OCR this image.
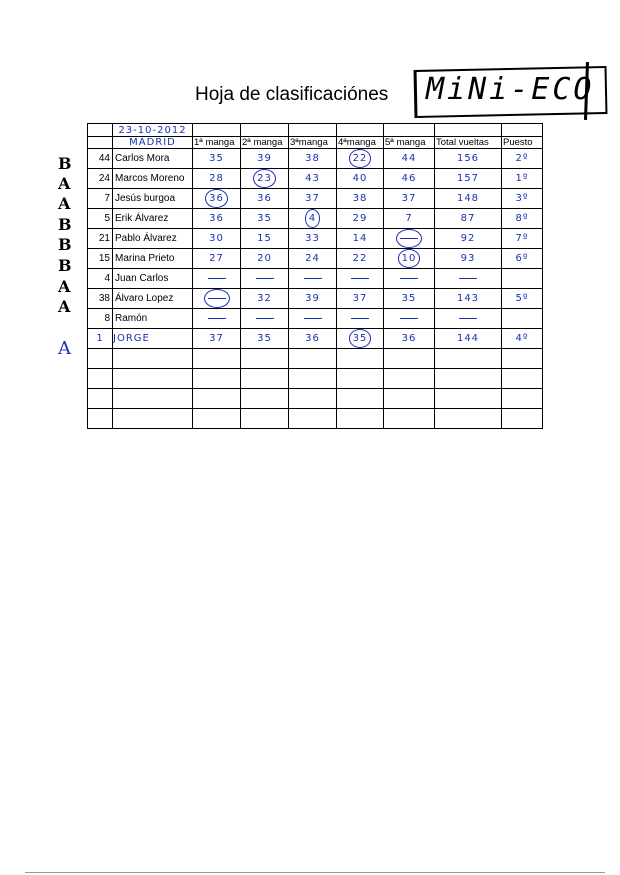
Hoja de clasificaciónes MiNi-ECO
B
A
A
B
B
B
A
A
A
	23-10-2012							
	MADRID	1ª manga	2ª manga	3ªmanga	4ªmanga	5ª manga	Total vueltas	Puesto
44	Carlos Mora	35	39	38	22	44	156	2º
24	Marcos Moreno	28	23	43	40	46	157	1º
7	Jesús burgoa	36	36	37	38	37	148	3º
5	Erik Álvarez	36	35	4	29	7	87	8º
21	Pablo Álvarez	30	15	33	14		92	7º
15	Marina Prieto	27	20	24	22	10	93	6º
4	Juan Carlos							
38	Álvaro Lopez		32	39	37	35	143	5º
8	Ramón							
1	JORGE	37	35	36	35	36	144	4º
